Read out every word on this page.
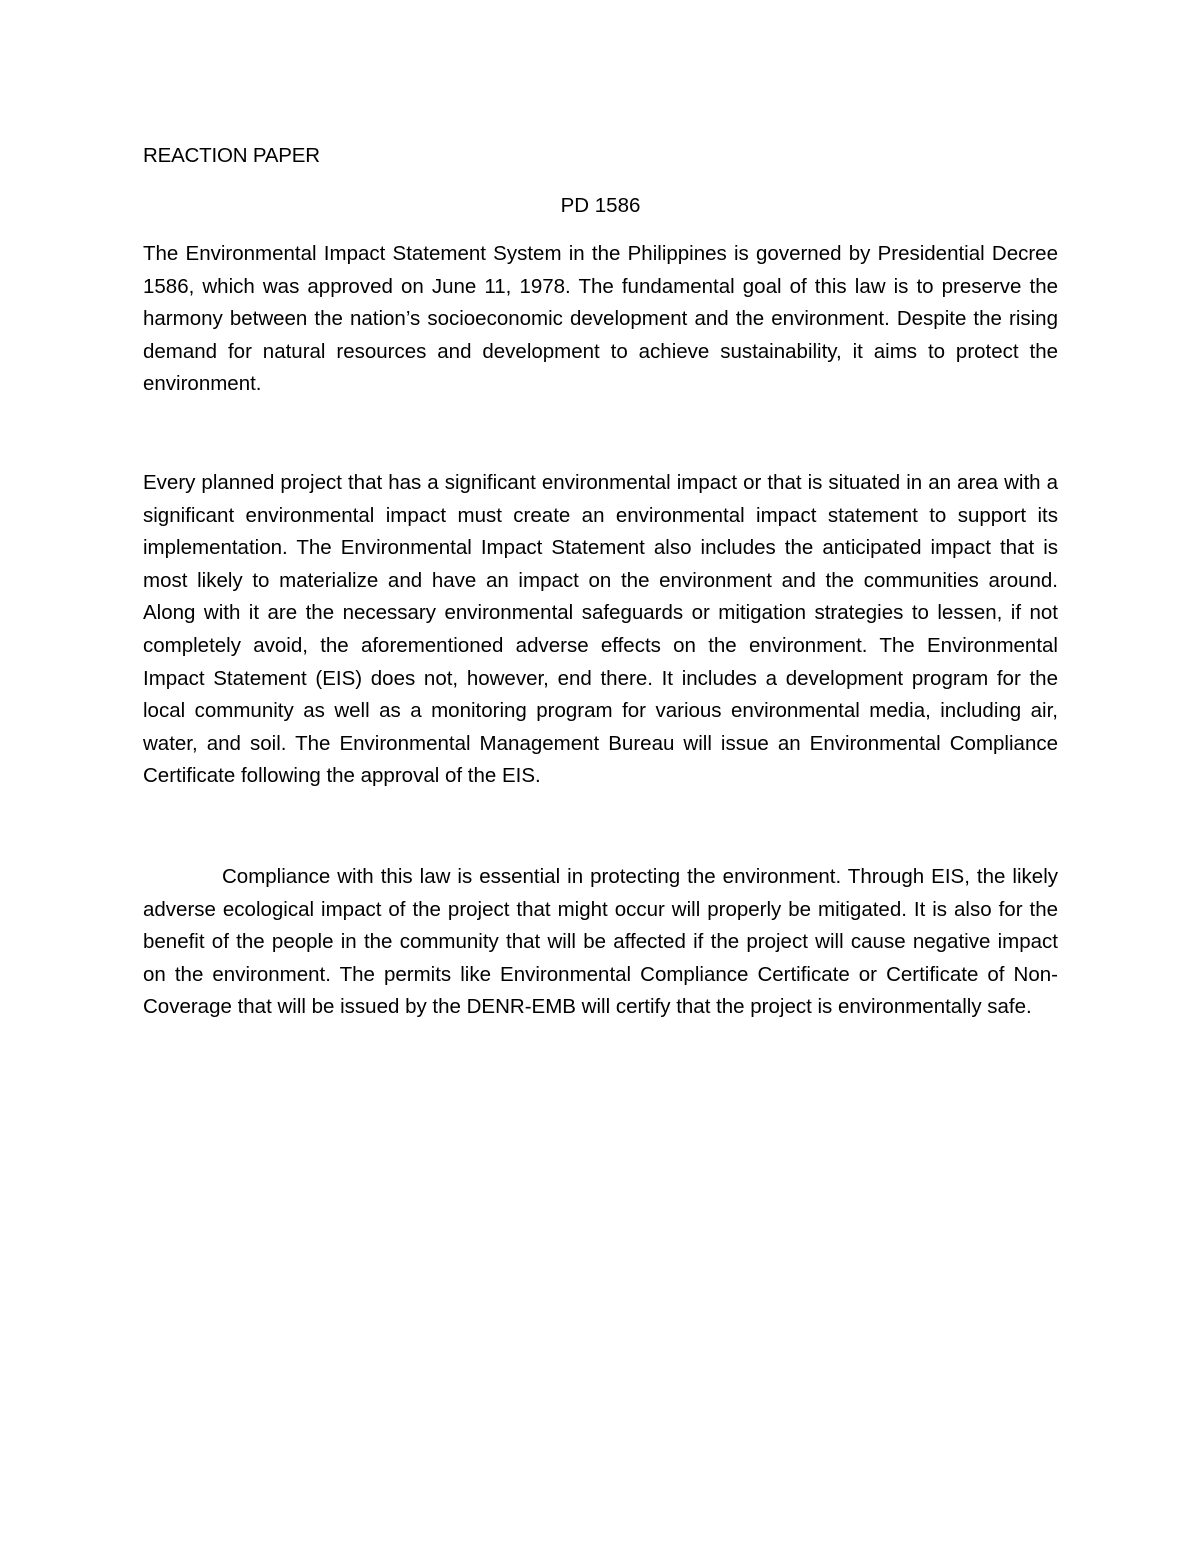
REACTION PAPER

PD 1586

The Environmental Impact Statement System in the Philippines is governed by Presidential Decree 1586, which was approved on June 11, 1978. The fundamental goal of this law is to preserve the harmony between the nation’s socioeconomic development and the environment. Despite the rising demand for natural resources and development to achieve sustainability, it aims to protect the environment.

Every planned project that has a significant environmental impact or that is situated in an area with a significant environmental impact must create an environmental impact statement to support its implementation. The Environmental Impact Statement also includes the anticipated impact that is most likely to materialize and have an impact on the environment and the communities around. Along with it are the necessary environmental safeguards or mitigation strategies to lessen, if not completely avoid, the aforementioned adverse effects on the environment. The Environmental Impact Statement (EIS) does not, however, end there. It includes a development program for the local community as well as a monitoring program for various environmental media, including air, water, and soil. The Environmental Management Bureau will issue an Environmental Compliance Certificate following the approval of the EIS.

Compliance with this law is essential in protecting the environment. Through EIS, the likely adverse ecological impact of the project that might occur will properly be mitigated. It is also for the benefit of the people in the community that will be affected if the project will cause negative impact on the environment. The permits like Environmental Compliance Certificate or Certificate of Non-Coverage that will be issued by the DENR-EMB will certify that the project is environmentally safe.
